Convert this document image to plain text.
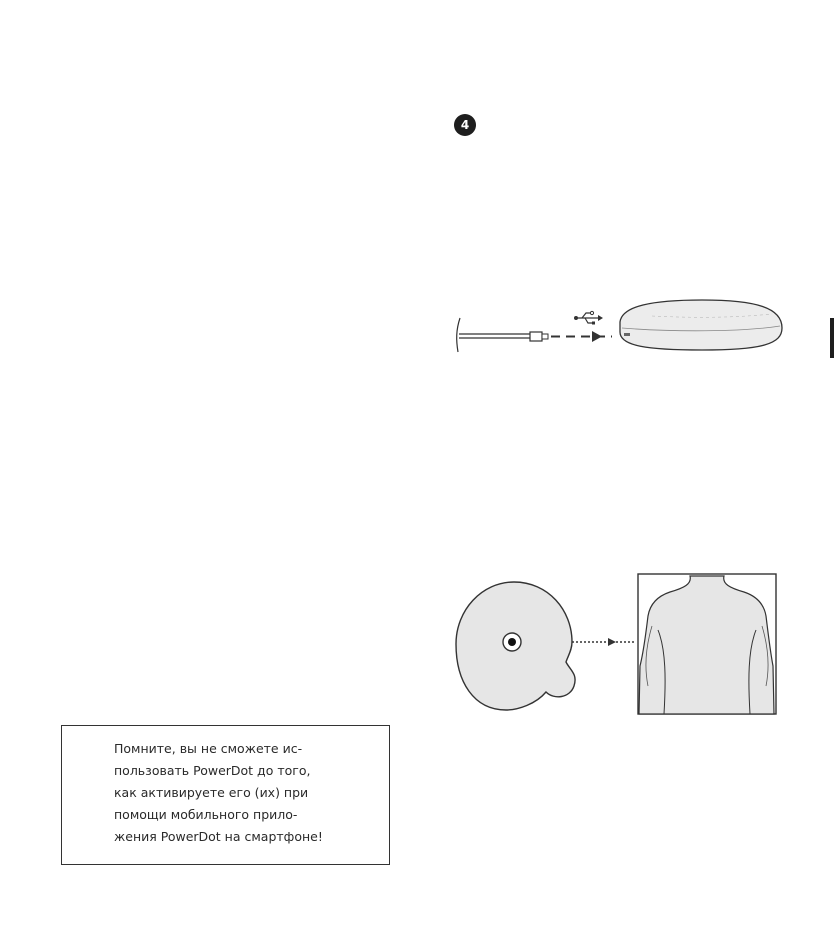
4

Помните, вы не сможете ис-
пользовать PowerDot до того,
как активируете его (их) при
помощи мобильного прило-
жения PowerDot на смартфоне!
